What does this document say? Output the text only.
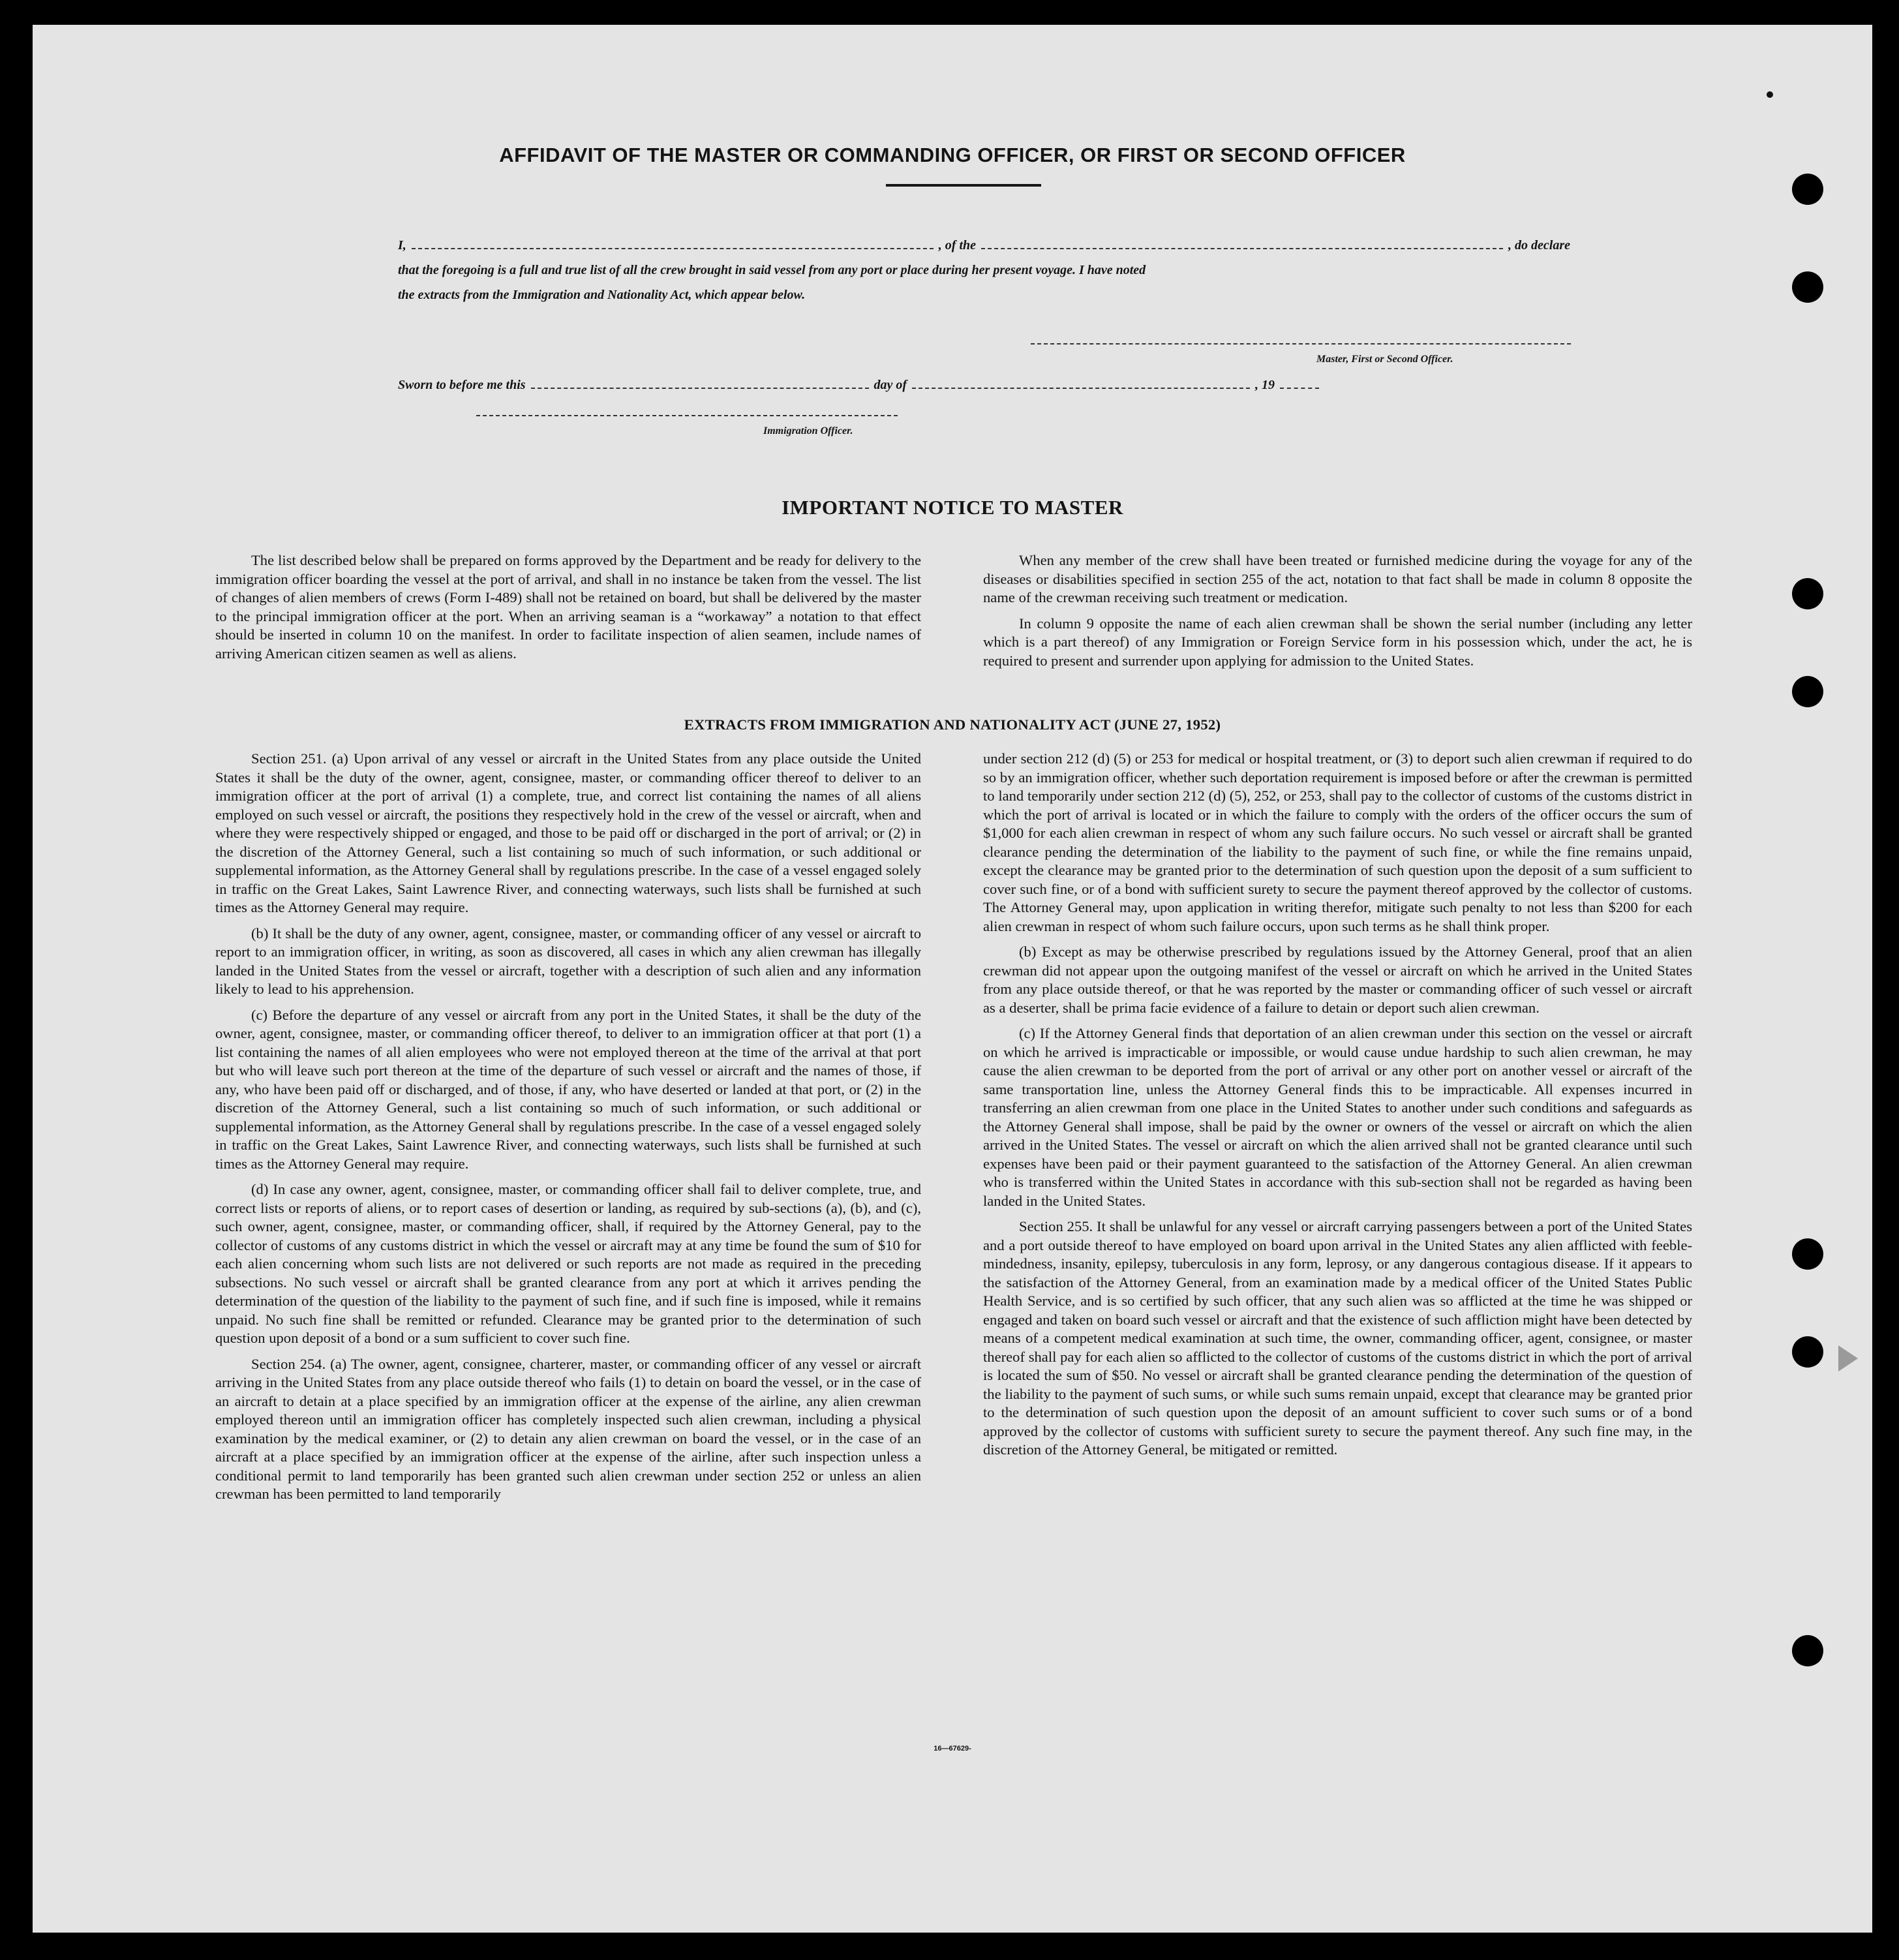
AFFIDAVIT OF THE MASTER OR COMMANDING OFFICER, OR FIRST OR SECOND OFFICER
I,	, of the	, do declare
that the foregoing is a full and true list of all the crew brought in said vessel from any port or place during her present voyage. I have noted
the extracts from the Immigration and Nationality Act, which appear below.
Master, First or Second Officer.
Sworn to before me this	day of	, 19
Immigration Officer.
IMPORTANT NOTICE TO MASTER

The list described below shall be prepared on forms approved by the Department and be ready for delivery to the immigration officer boarding the vessel at the port of arrival, and shall in no instance be taken from the vessel. The list of changes of alien members of crews (Form I-489) shall not be retained on board, but shall be delivered by the master to the principal immigration officer at the port. When an arriving seaman is a “workaway” a notation to that effect should be inserted in column 10 on the manifest. In order to facilitate inspection of alien seamen, include names of arriving American citizen seamen as well as aliens.

When any member of the crew shall have been treated or furnished medicine during the voyage for any of the diseases or disabilities specified in section 255 of the act, notation to that fact shall be made in column 8 opposite the name of the crewman receiving such treatment or medication.

In column 9 opposite the name of each alien crewman shall be shown the serial number (including any letter which is a part thereof) of any Immigration or Foreign Service form in his possession which, under the act, he is required to present and surrender upon applying for admission to the United States.

EXTRACTS FROM IMMIGRATION AND NATIONALITY ACT (JUNE 27, 1952)

Section 251. (a) Upon arrival of any vessel or aircraft in the United States from any place outside the United States it shall be the duty of the owner, agent, consignee, master, or commanding officer thereof to deliver to an immigration officer at the port of arrival (1) a complete, true, and correct list containing the names of all aliens employed on such vessel or aircraft, the positions they respectively hold in the crew of the vessel or aircraft, when and where they were respectively shipped or engaged, and those to be paid off or discharged in the port of arrival; or (2) in the discretion of the Attorney General, such a list containing so much of such information, or such additional or supplemental information, as the Attorney General shall by regulations prescribe. In the case of a vessel engaged solely in traffic on the Great Lakes, Saint Lawrence River, and connecting waterways, such lists shall be furnished at such times as the Attorney General may require.

(b) It shall be the duty of any owner, agent, consignee, master, or commanding officer of any vessel or aircraft to report to an immigration officer, in writing, as soon as discovered, all cases in which any alien crewman has illegally landed in the United States from the vessel or aircraft, together with a description of such alien and any information likely to lead to his apprehension.

(c) Before the departure of any vessel or aircraft from any port in the United States, it shall be the duty of the owner, agent, consignee, master, or commanding officer thereof, to deliver to an immigration officer at that port (1) a list containing the names of all alien employees who were not employed thereon at the time of the arrival at that port but who will leave such port thereon at the time of the departure of such vessel or aircraft and the names of those, if any, who have been paid off or discharged, and of those, if any, who have deserted or landed at that port, or (2) in the discretion of the Attorney General, such a list containing so much of such information, or such additional or supplemental information, as the Attorney General shall by regulations prescribe. In the case of a vessel engaged solely in traffic on the Great Lakes, Saint Lawrence River, and connecting waterways, such lists shall be furnished at such times as the Attorney General may require.

(d) In case any owner, agent, consignee, master, or commanding officer shall fail to deliver complete, true, and correct lists or reports of aliens, or to report cases of desertion or landing, as required by sub-sections (a), (b), and (c), such owner, agent, consignee, master, or commanding officer, shall, if required by the Attorney General, pay to the collector of customs of any customs district in which the vessel or aircraft may at any time be found the sum of $10 for each alien concerning whom such lists are not delivered or such reports are not made as required in the preceding subsections. No such vessel or aircraft shall be granted clearance from any port at which it arrives pending the determination of the question of the liability to the payment of such fine, and if such fine is imposed, while it remains unpaid. No such fine shall be remitted or refunded. Clearance may be granted prior to the determination of such question upon deposit of a bond or a sum sufficient to cover such fine.

Section 254. (a) The owner, agent, consignee, charterer, master, or commanding officer of any vessel or aircraft arriving in the United States from any place outside thereof who fails (1) to detain on board the vessel, or in the case of an aircraft to detain at a place specified by an immigration officer at the expense of the airline, any alien crewman employed thereon until an immigration officer has completely inspected such alien crewman, including a physical examination by the medical examiner, or (2) to detain any alien crewman on board the vessel, or in the case of an aircraft at a place specified by an immigration officer at the expense of the airline, after such inspection unless a conditional permit to land temporarily has been granted such alien crewman under section 252 or unless an alien crewman has been permitted to land temporarily

under section 212 (d) (5) or 253 for medical or hospital treatment, or (3) to deport such alien crewman if required to do so by an immigration officer, whether such deportation requirement is imposed before or after the crewman is permitted to land temporarily under section 212 (d) (5), 252, or 253, shall pay to the collector of customs of the customs district in which the port of arrival is located or in which the failure to comply with the orders of the officer occurs the sum of $1,000 for each alien crewman in respect of whom any such failure occurs. No such vessel or aircraft shall be granted clearance pending the determination of the liability to the payment of such fine, or while the fine remains unpaid, except the clearance may be granted prior to the determination of such question upon the deposit of a sum sufficient to cover such fine, or of a bond with sufficient surety to secure the payment thereof approved by the collector of customs. The Attorney General may, upon application in writing therefor, mitigate such penalty to not less than $200 for each alien crewman in respect of whom such failure occurs, upon such terms as he shall think proper.

(b) Except as may be otherwise prescribed by regulations issued by the Attorney General, proof that an alien crewman did not appear upon the outgoing manifest of the vessel or aircraft on which he arrived in the United States from any place outside thereof, or that he was reported by the master or commanding officer of such vessel or aircraft as a deserter, shall be prima facie evidence of a failure to detain or deport such alien crewman.

(c) If the Attorney General finds that deportation of an alien crewman under this section on the vessel or aircraft on which he arrived is impracticable or impossible, or would cause undue hardship to such alien crewman, he may cause the alien crewman to be deported from the port of arrival or any other port on another vessel or aircraft of the same transportation line, unless the Attorney General finds this to be impracticable. All expenses incurred in transferring an alien crewman from one place in the United States to another under such conditions and safeguards as the Attorney General shall impose, shall be paid by the owner or owners of the vessel or aircraft on which the alien arrived in the United States. The vessel or aircraft on which the alien arrived shall not be granted clearance until such expenses have been paid or their payment guaranteed to the satisfaction of the Attorney General. An alien crewman who is transferred within the United States in accordance with this sub-section shall not be regarded as having been landed in the United States.

Section 255. It shall be unlawful for any vessel or aircraft carrying passengers between a port of the United States and a port outside thereof to have employed on board upon arrival in the United States any alien afflicted with feeble-mindedness, insanity, epilepsy, tuberculosis in any form, leprosy, or any dangerous contagious disease. If it appears to the satisfaction of the Attorney General, from an examination made by a medical officer of the United States Public Health Service, and is so certified by such officer, that any such alien was so afflicted at the time he was shipped or engaged and taken on board such vessel or aircraft and that the existence of such affliction might have been detected by means of a competent medical examination at such time, the owner, commanding officer, agent, consignee, or master thereof shall pay for each alien so afflicted to the collector of customs of the customs district in which the port of arrival is located the sum of $50. No vessel or aircraft shall be granted clearance pending the determination of the question of the liability to the payment of such sums, or while such sums remain unpaid, except that clearance may be granted prior to the determination of such question upon the deposit of an amount sufficient to cover such sums or of a bond approved by the collector of customs with sufficient surety to secure the payment thereof. Any such fine may, in the discretion of the Attorney General, be mitigated or remitted.

16—67629-
